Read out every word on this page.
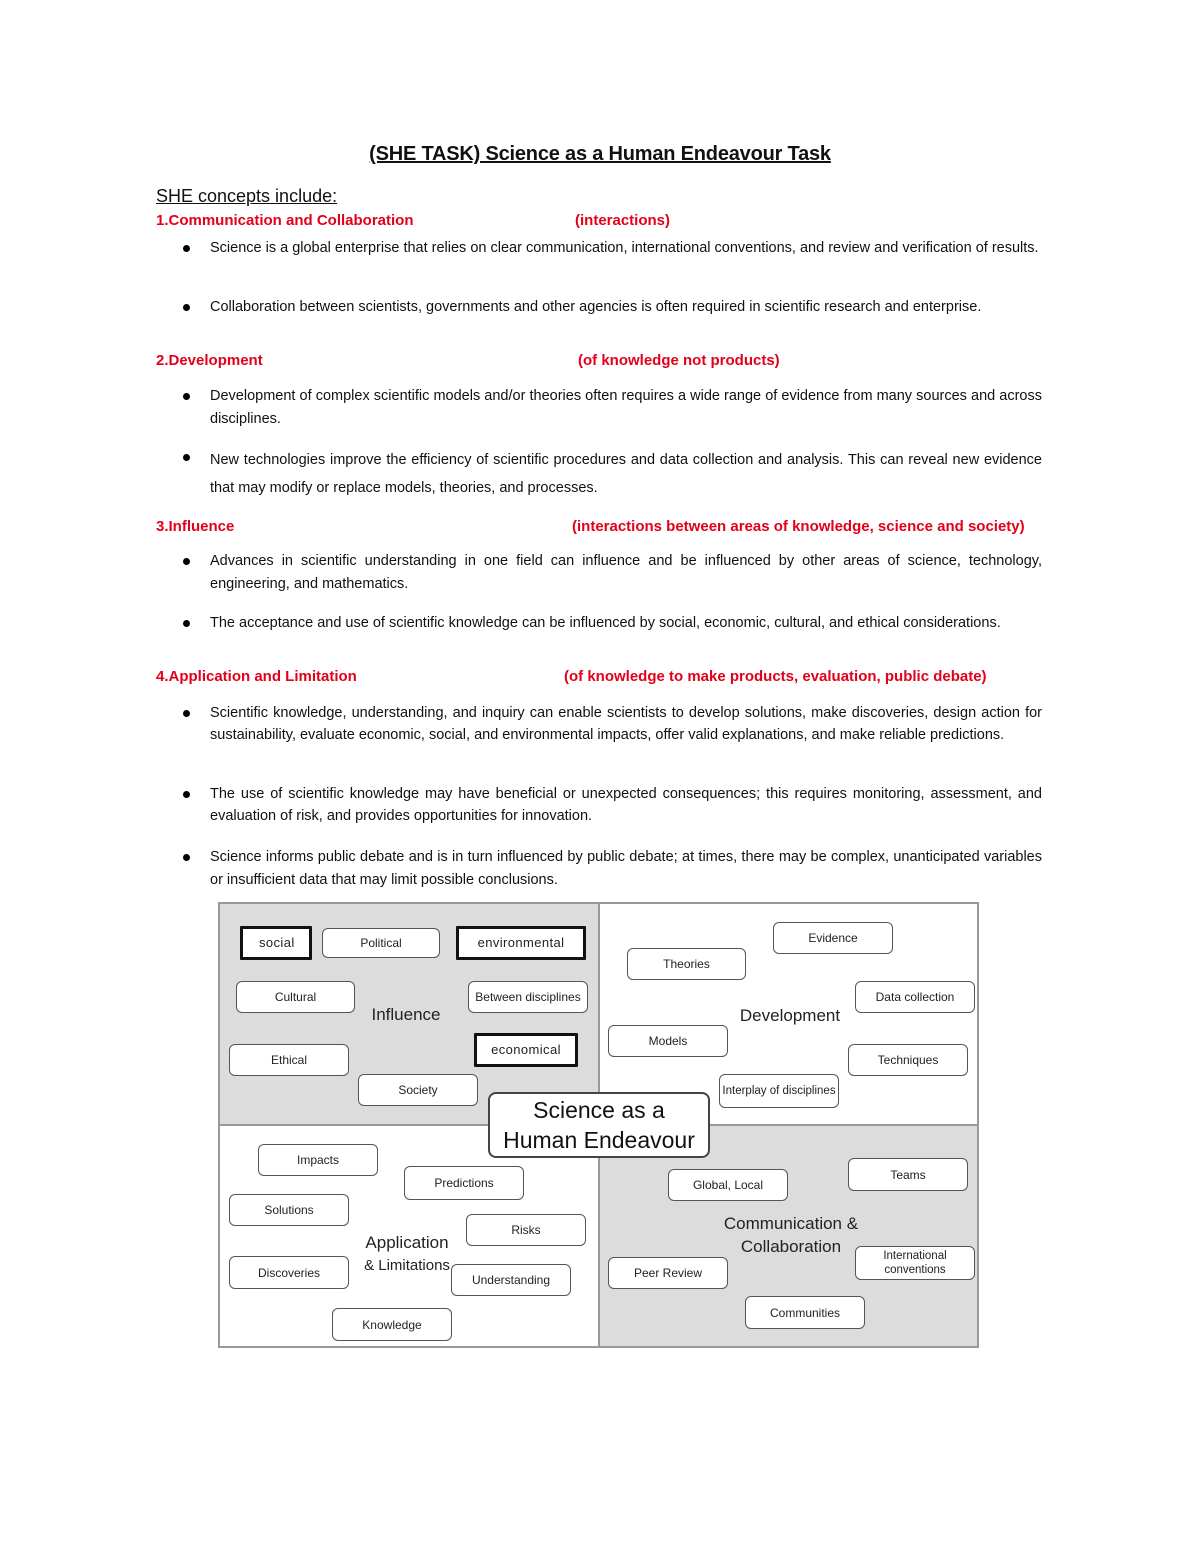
(SHE TASK) Science as a Human Endeavour Task
SHE concepts include:
1.Communication and Collaboration	(interactions)

Science is a global enterprise that relies on clear communication, international conventions, and review and verification of results.

Collaboration between scientists, governments and other agencies is often required in scientific research and enterprise.

2.Development	(of knowledge not products)

Development of complex scientific models and/or theories often requires a wide range of evidence from many sources and across disciplines.

New technologies improve the efficiency of scientific procedures and data collection and analysis. This can reveal new evidence that may modify or replace models, theories, and processes.

3.Influence	(interactions between areas of knowledge, science and society)

Advances in scientific understanding in one field can influence and be influenced by other areas of science, technology, engineering, and mathematics.

The acceptance and use of scientific knowledge can be influenced by social, economic, cultural, and ethical considerations.

4.Application and Limitation	(of knowledge to make products, evaluation, public debate)

Scientific knowledge, understanding, and inquiry can enable scientists to develop solutions, make discoveries, design action for sustainability, evaluate economic, social, and environmental impacts, offer valid explanations, and make reliable predictions.

The use of scientific knowledge may have beneficial or unexpected consequences; this requires monitoring, assessment, and evaluation of risk, and provides opportunities for innovation.

Science informs public debate and is in turn influenced by public debate; at times, there may be complex, unanticipated variables or insufficient data that may limit possible conclusions.

social	Political	environmental
Cultural	Between disciplines
Influence
Ethical
economical
Society
Evidence
Theories
Data collection
Development
Models
Techniques
Interplay of disciplines
Science as a
Human Endeavour
Impacts
Predictions
Solutions
Risks
Application
& Limitations
Discoveries
Understanding
Knowledge
Global, Local
Teams
Communication &
Collaboration
Peer Review
International conventions
Communities
